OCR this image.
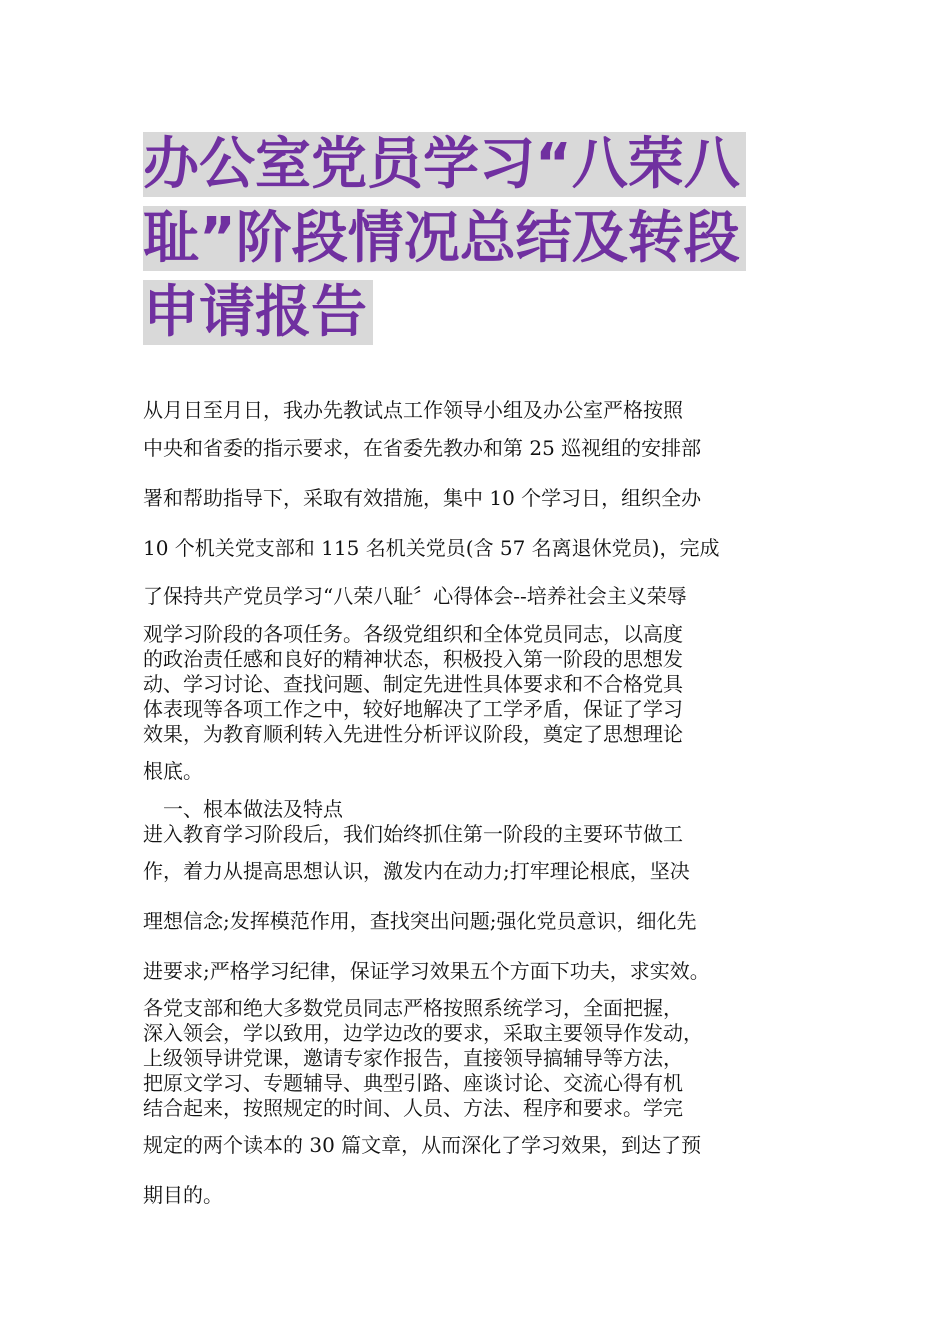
办公室党员学习“八荣八
耻”阶段情况总结及转段
申请报告
从月日至月日，我办先教试点工作领导小组及办公室严格按照
中央和省委的指示要求，在省委先教办和第 25 巡视组的安排部
署和帮助指导下，采取有效措施，集中 10 个学习日，组织全办
10 个机关党支部和 115 名机关党员(含 57 名离退休党员)，完成
了保持共产党员学习“八荣八耻〞心得体会--培养社会主义荣辱
观学习阶段的各项任务。各级党组织和全体党员同志，以高度
的政治责任感和良好的精神状态，积极投入第一阶段的思想发
动、学习讨论、查找问题、制定先进性具体要求和不合格党具
体表现等各项工作之中，较好地解决了工学矛盾，保证了学习
效果，为教育顺利转入先进性分析评议阶段，奠定了思想理论
根底。
一、根本做法及特点
进入教育学习阶段后，我们始终抓住第一阶段的主要环节做工
作，着力从提高思想认识，激发内在动力;打牢理论根底，坚决
理想信念;发挥模范作用，查找突出问题;强化党员意识，细化先
进要求;严格学习纪律，保证学习效果五个方面下功夫，求实效。
各党支部和绝大多数党员同志严格按照系统学习，全面把握，
深入领会，学以致用，边学边改的要求，采取主要领导作发动，
上级领导讲党课，邀请专家作报告，直接领导搞辅导等方法，
把原文学习、专题辅导、典型引路、座谈讨论、交流心得有机
结合起来，按照规定的时间、人员、方法、程序和要求。学完
规定的两个读本的 30 篇文章，从而深化了学习效果，到达了预
期目的。
